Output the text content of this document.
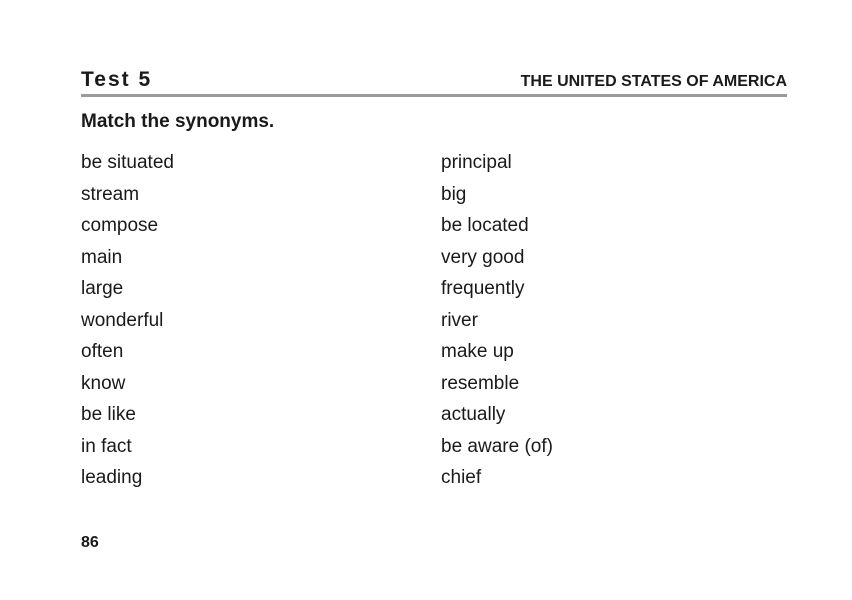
Test 5	THE UNITED STATES OF AMERICA
Match the synonyms.
be situated
stream
compose
main
large
wonderful
often
know
be like
in fact
leading
principal
big
be located
very good
frequently
river
make up
resemble
actually
be aware (of)
chief
86
